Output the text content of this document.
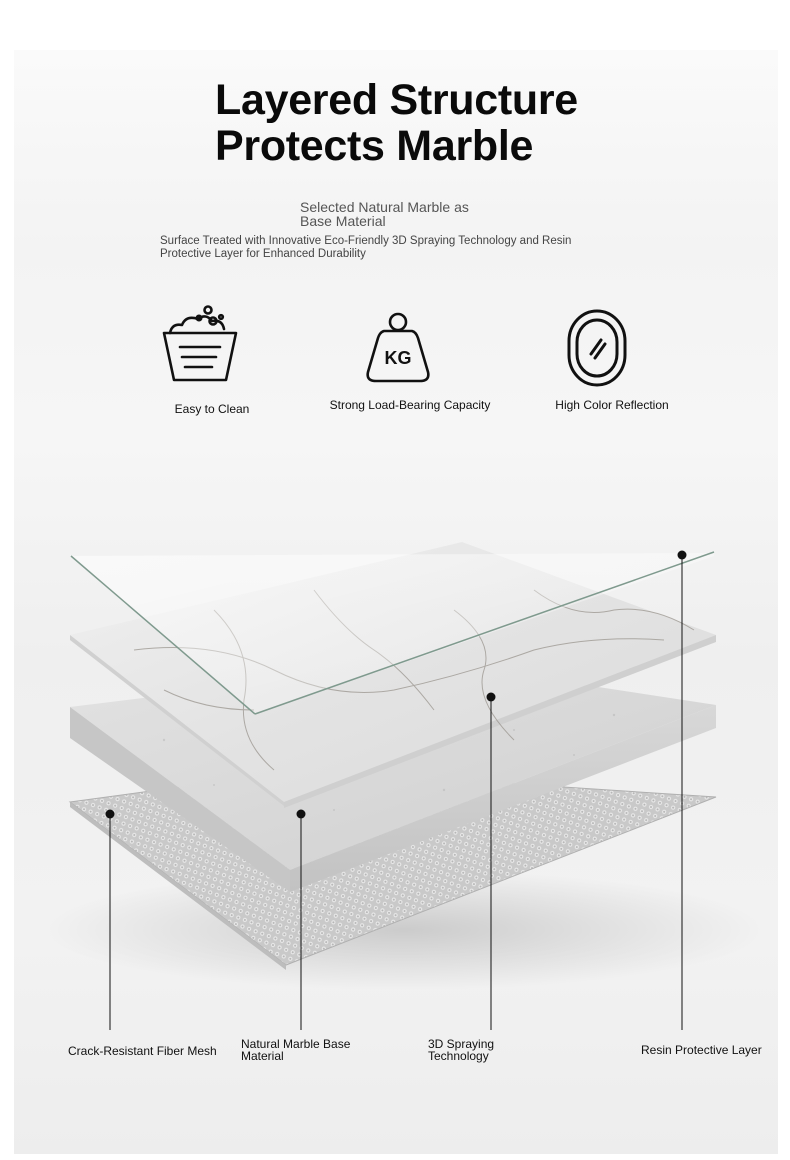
Layered Structure
Protects Marble
Selected Natural Marble as
Base Material
Surface Treated with Innovative Eco-Friendly 3D Spraying Technology and Resin
Protective Layer for Enhanced Durability
Easy to Clean
KG
Strong Load-Bearing Capacity	High Color Reflection
Crack-Resistant Fiber Mesh Natural Marble Base
Material
3D Spraying
Technology	Resin Protective Layer
